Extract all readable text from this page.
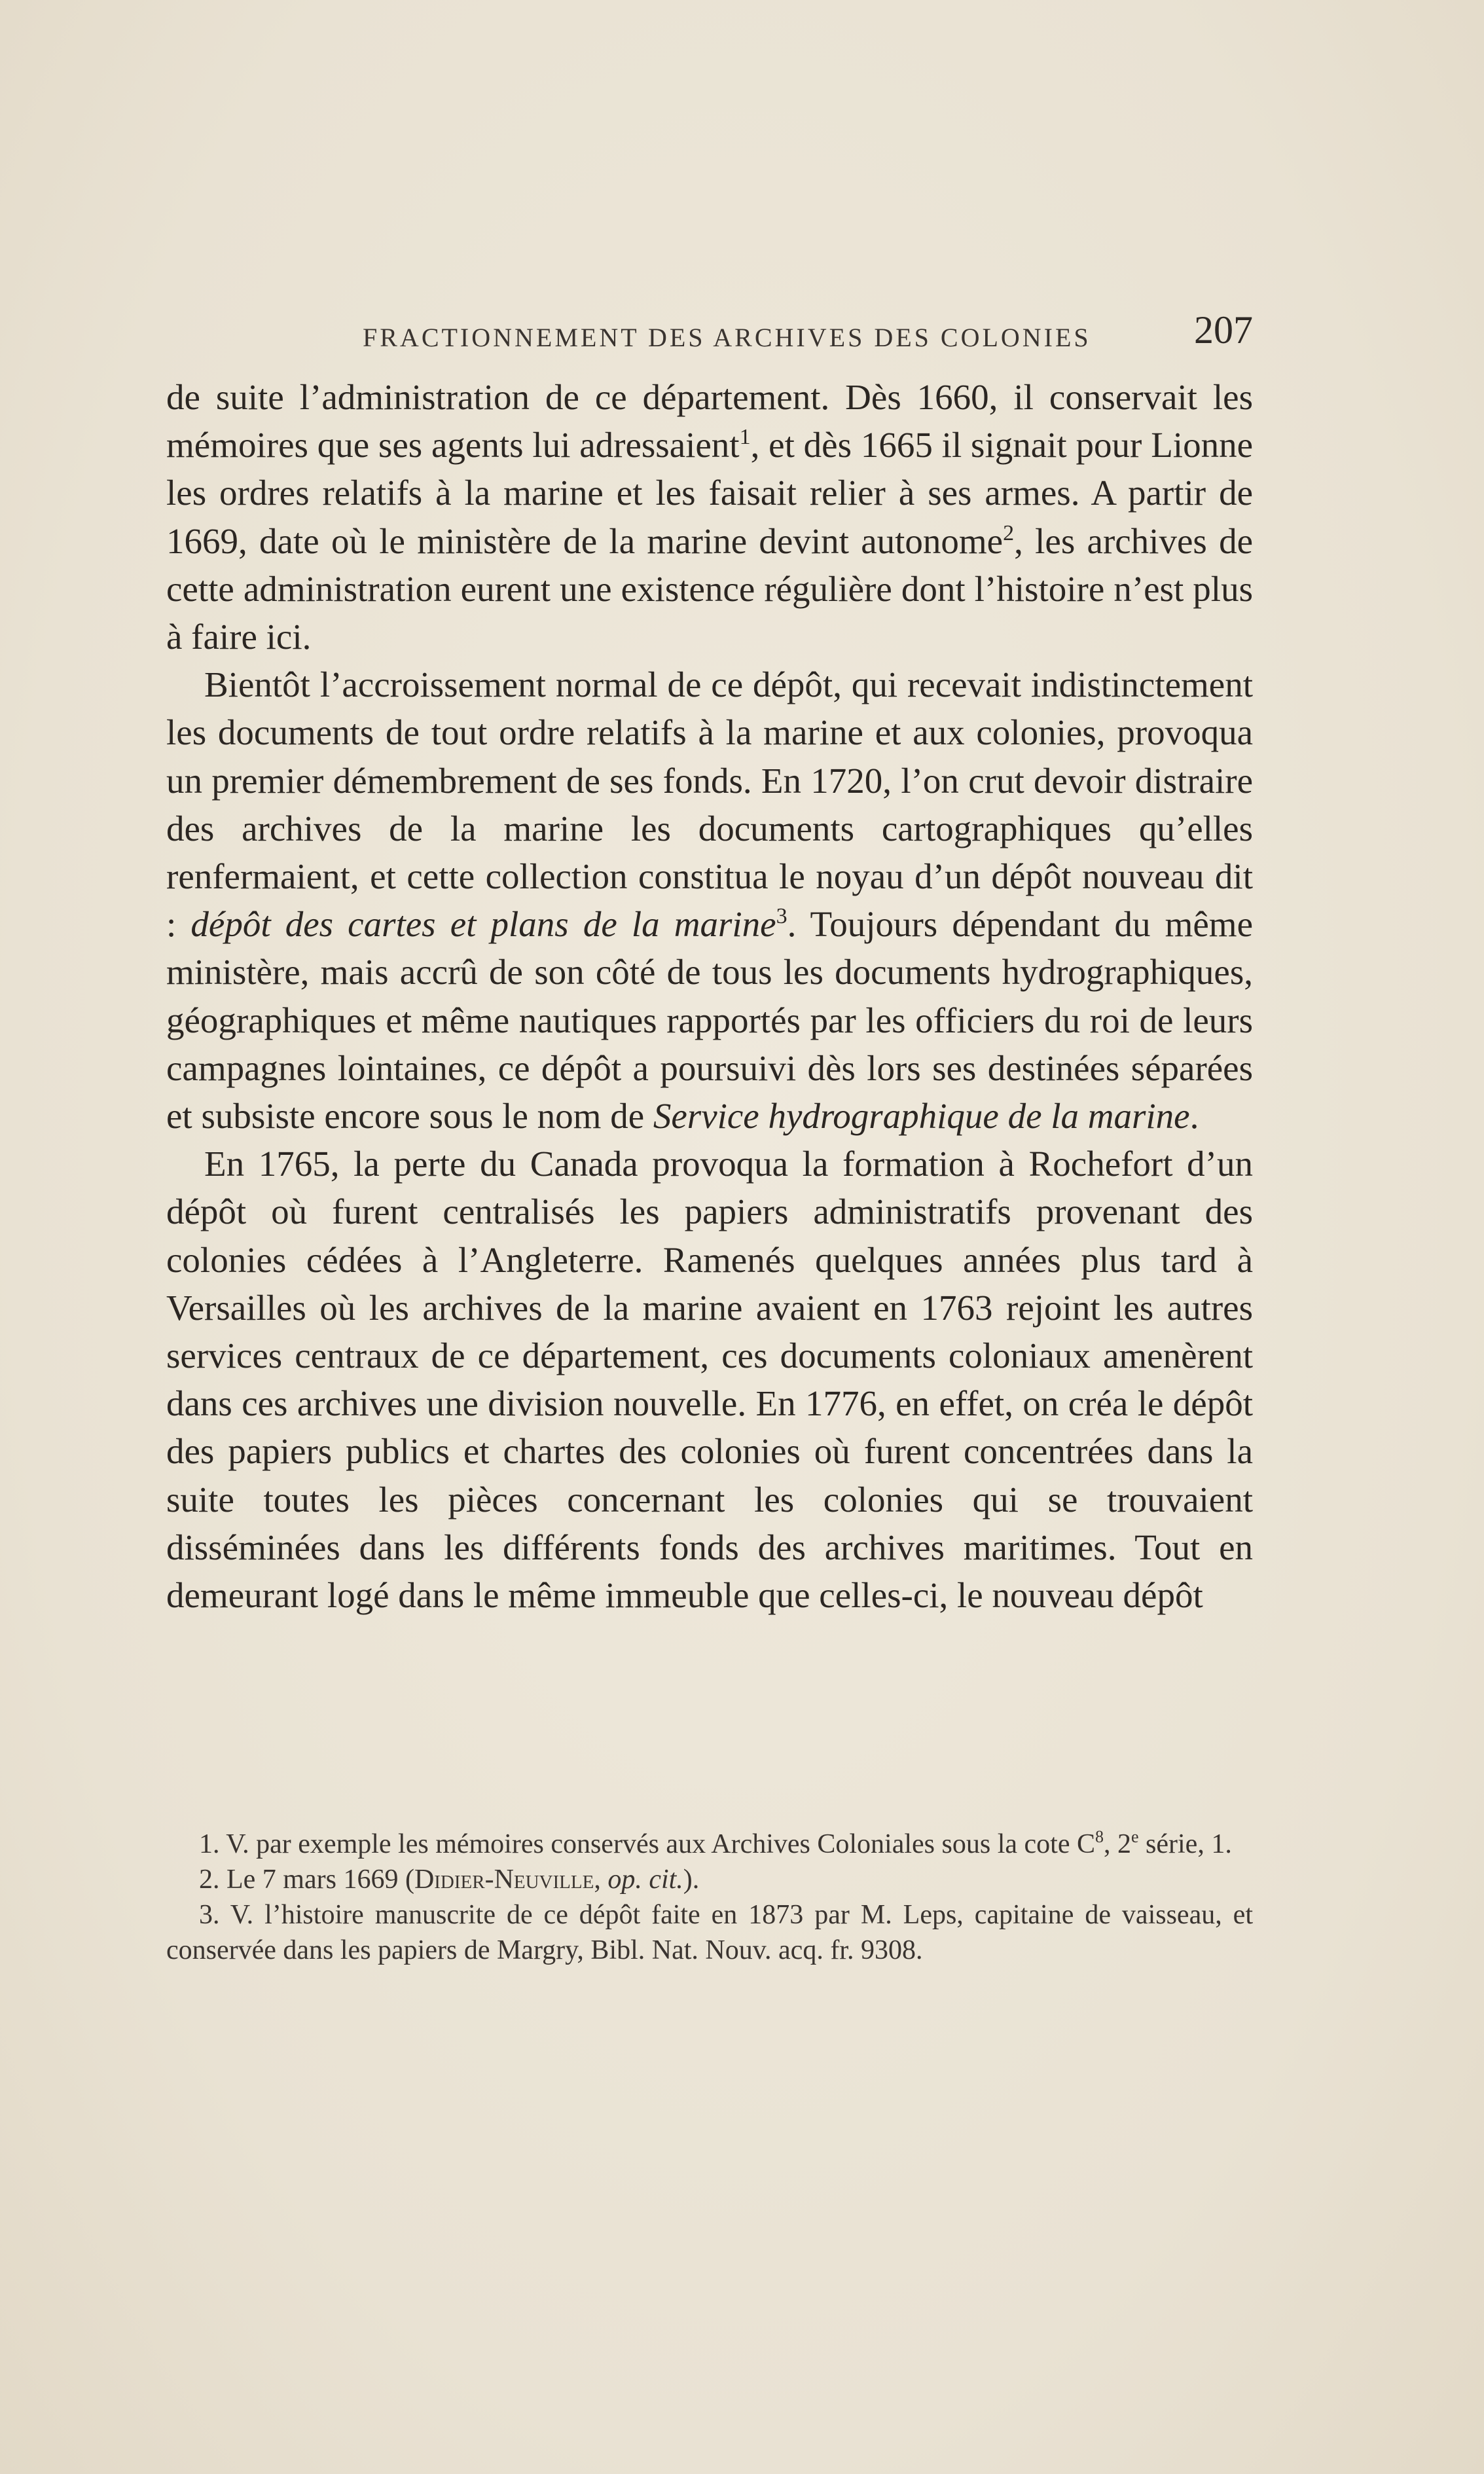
FRACTIONNEMENT DES ARCHIVES DES COLONIES	207

de suite l’administration de ce département. Dès 1660, il conservait les mémoires que ses agents lui adressaient$^1$, et dès 1665 il signait pour Lionne les ordres relatifs à la marine et les faisait relier à ses armes. A partir de 1669, date où le ministère de la marine devint autonome$^2$, les archives de cette administration eurent une existence régulière dont l’histoire n’est plus à faire ici.

Bientôt l’accroissement normal de ce dépôt, qui recevait indistinctement les documents de tout ordre relatifs à la marine et aux colonies, provoqua un premier démembrement de ses fonds. En 1720, l’on crut devoir distraire des archives de la marine les documents cartographiques qu’elles renfermaient, et cette collection constitua le noyau d’un dépôt nouveau dit : dépôt des cartes et plans de la marine$^3$. Toujours dépendant du même ministère, mais accrû de son côté de tous les documents hydrographiques, géographiques et même nautiques rapportés par les officiers du roi de leurs campagnes lointaines, ce dépôt a poursuivi dès lors ses destinées séparées et subsiste encore sous le nom de Service hydrographique de la marine.

En 1765, la perte du Canada provoqua la formation à Rochefort d’un dépôt où furent centralisés les papiers administratifs provenant des colonies cédées à l’Angleterre. Ramenés quelques années plus tard à Versailles où les archives de la marine avaient en 1763 rejoint les autres services centraux de ce département, ces documents coloniaux amenèrent dans ces archives une division nouvelle. En 1776, en effet, on créa le dépôt des papiers publics et chartes des colonies où furent concentrées dans la suite toutes les pièces concernant les colonies qui se trouvaient disséminées dans les différents fonds des archives maritimes. Tout en demeurant logé dans le même immeuble que celles-ci, le nouveau dépôt

1. V. par exemple les mémoires conservés aux Archives Coloniales sous la cote $C^8$, 2e série, 1.

2. Le 7 mars 1669 (Didier-Neuville, op. cit.).

3. V. l’histoire manuscrite de ce dépôt faite en 1873 par M. Leps, capitaine de vaisseau, et conservée dans les papiers de Margry, Bibl. Nat. Nouv. acq. fr. 9308.
